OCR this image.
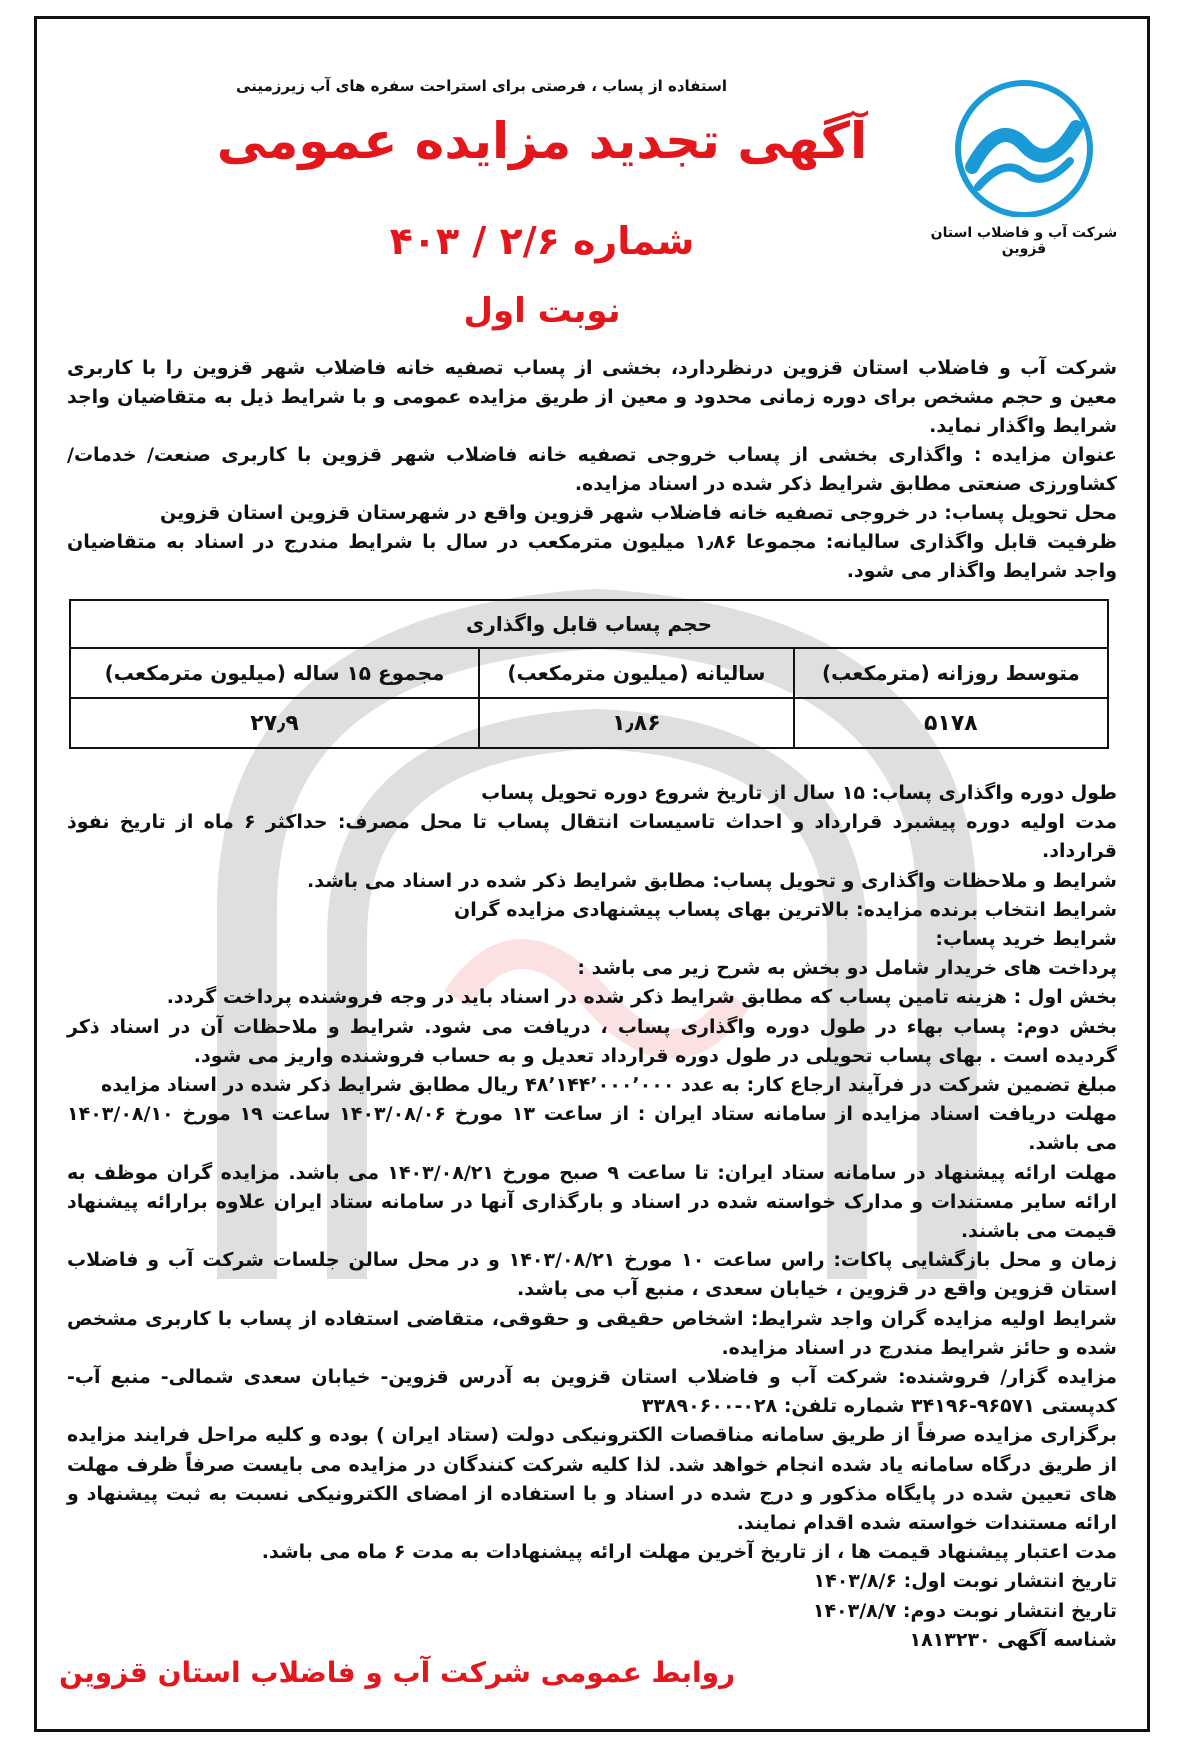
شرکت آب و فاضلاب استان قزوین
استفاده از پساب ، فرصتی برای استراحت سفره های آب زیرزمینی
آگهی تجدید مزایده عمومی
شماره ۲/۶ / ۴۰۳
نوبت اول

شرکت آب و فاضلاب استان قزوین درنظردارد، بخشی از پساب تصفیه خانه فاضلاب شهر قزوین را با کاربری معین و حجم مشخص برای دوره زمانی محدود و معین از طریق مزایده عمومی و با شرایط ذیل به متقاضیان واجد شرایط واگذار نماید.

عنوان مزایده : واگذاری بخشی از پساب خروجی تصفیه خانه فاضلاب شهر قزوین با کاربری صنعت/ خدمات/ کشاورزی صنعتی مطابق شرایط ذکر شده در اسناد مزایده.

محل تحویل پساب: در خروجی تصفیه خانه فاضلاب شهر قزوین واقع در شهرستان قزوین استان قزوین

ظرفیت قابل واگذاری سالیانه: مجموعا ۱٫۸۶ میلیون مترمکعب در سال با شرایط مندرج در اسناد به متقاضیان واجد شرایط واگذار می شود.

حجم پساب قابل واگذاری		
متوسط روزانه (مترمکعب)	سالیانه (میلیون مترمکعب)	مجموع ۱۵ ساله (میلیون مترمکعب)
۵۱۷۸	۱٫۸۶	۲۷٫۹

طول دوره واگذاری پساب: ۱۵ سال از تاریخ شروع دوره تحویل پساب

مدت اولیه دوره پیشبرد قرارداد و احداث تاسیسات انتقال پساب تا محل مصرف: حداکثر ۶ ماه از تاریخ نفوذ قرارداد.

شرایط و ملاحظات واگذاری و تحویل پساب: مطابق شرایط ذکر شده در اسناد می باشد.

شرایط انتخاب برنده مزایده: بالاترین بهای پساب پیشنهادی مزایده گران

شرایط خرید پساب:

پرداخت های خریدار شامل دو بخش به شرح زیر می باشد :

بخش اول : هزینه تامین پساب که مطابق شرایط ذکر شده در اسناد باید در وجه فروشنده پرداخت گردد.

بخش دوم: پساب بهاء در طول دوره واگذاری پساب ، دریافت می شود. شرایط و ملاحظات آن در اسناد ذکر گردیده است . بهای پساب تحویلی در طول دوره قرارداد تعدیل و به حساب فروشنده واریز می شود.

مبلغ تضمین شرکت در فرآیند ارجاع کار: به عدد ۴۸٬۱۴۴٬۰۰۰٬۰۰۰ ریال مطابق شرایط ذکر شده در اسناد مزایده

مهلت دریافت اسناد مزایده از سامانه ستاد ایران : از ساعت ۱۳ مورخ ۱۴۰۳/۰۸/۰۶ ساعت ۱۹ مورخ ۱۴۰۳/۰۸/۱۰ می باشد.

مهلت ارائه پیشنهاد در سامانه ستاد ایران: تا ساعت ۹ صبح مورخ ۱۴۰۳/۰۸/۲۱ می باشد. مزایده گران موظف به ارائه سایر مستندات و مدارک خواسته شده در اسناد و بارگذاری آنها در سامانه ستاد ایران علاوه برارائه پیشنهاد قیمت می باشند.

زمان و محل بازگشایی پاکات: راس ساعت ۱۰ مورخ ۱۴۰۳/۰۸/۲۱ و در محل سالن جلسات شرکت آب و فاضلاب استان قزوین واقع در قزوین ، خیابان سعدی ، منبع آب می باشد.

شرایط اولیه مزایده گران واجد شرایط: اشخاص حقیقی و حقوقی، متقاضی استفاده از پساب با کاربری مشخص شده و حائز شرایط مندرج در اسناد مزایده.

مزایده گزار/ فروشنده: شرکت آب و فاضلاب استان قزوین به آدرس قزوین- خیابان سعدی شمالی- منبع آب- کدپستی ۹۶۵۷۱-۳۴۱۹۶ شماره تلفن: ۰۲۸-۳۳۸۹۰۶۰۰

برگزاری مزایده صرفاً از طریق سامانه مناقصات الکترونیکی دولت (ستاد ایران ) بوده و کلیه مراحل فرایند مزایده از طریق درگاه سامانه یاد شده انجام خواهد شد. لذا کلیه شرکت کنندگان در مزایده می بایست صرفاً ظرف مهلت های تعیین شده در پایگاه مذکور و درج شده در اسناد و با استفاده از امضای الکترونیکی نسبت به ثبت پیشنهاد و ارائه مستندات خواسته شده اقدام نمایند.

مدت اعتبار پیشنهاد قیمت ها ، از تاریخ آخرین مهلت ارائه پیشنهادات به مدت ۶ ماه می باشد.

تاریخ انتشار نوبت اول: ۱۴۰۳/۸/۶

تاریخ انتشار نوبت دوم: ۱۴۰۳/۸/۷

شناسه آگهی ۱۸۱۳۲۳۰

روابط عمومی شرکت آب و فاضلاب استان قزوین
